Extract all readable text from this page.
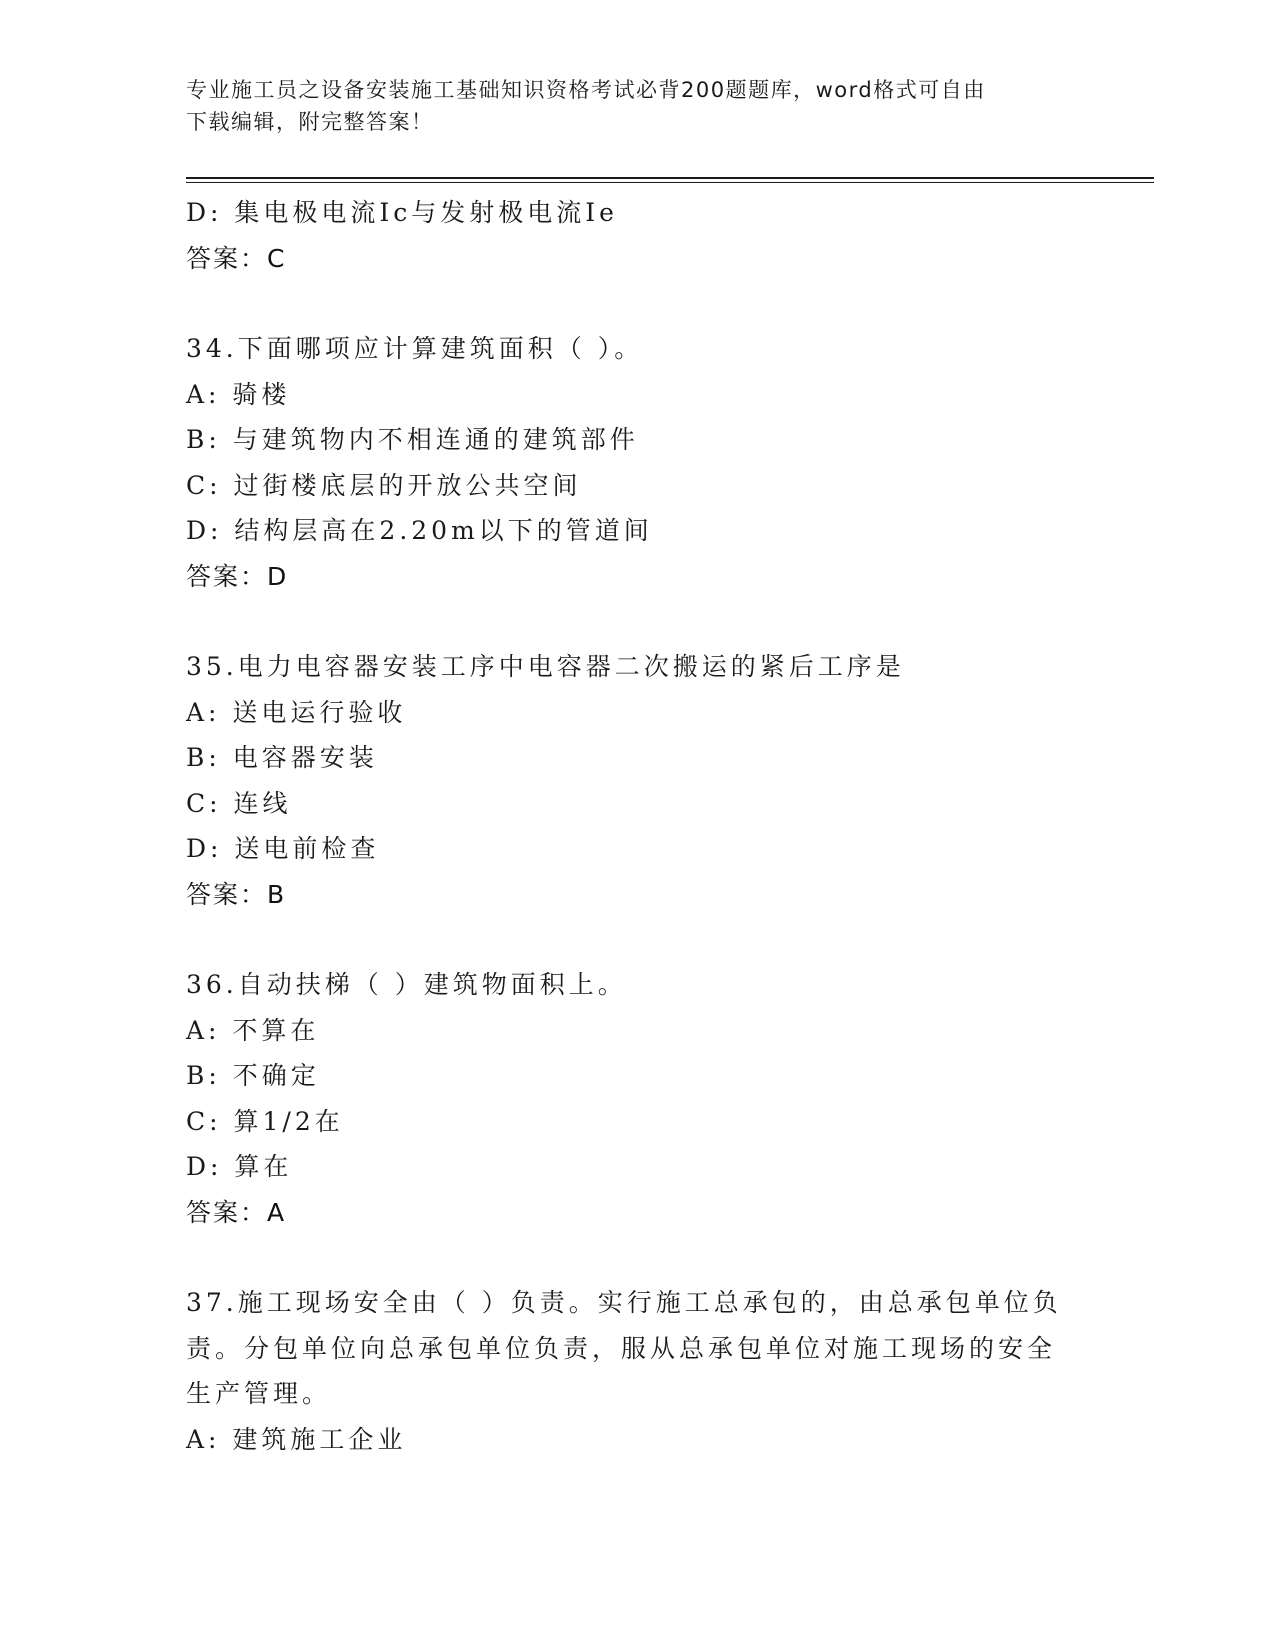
专业施工员之设备安装施工基础知识资格考试必背200题题库，word格式可自由
下载编辑，附完整答案！
D: 集电极电流Ic与发射极电流Ie
答案：C
34.下面哪项应计算建筑面积（ ）。
A: 骑楼
B: 与建筑物内不相连通的建筑部件
C: 过街楼底层的开放公共空间
D: 结构层高在2.20m以下的管道间
答案：D
35.电力电容器安装工序中电容器二次搬运的紧后工序是
A: 送电运行验收
B: 电容器安装
C: 连线
D: 送电前检查
答案：B
36.自动扶梯（ ）建筑物面积上。
A: 不算在
B: 不确定
C: 算1/2在
D: 算在
答案：A
37.施工现场安全由（ ）负责。实行施工总承包的，由总承包单位负
责。分包单位向总承包单位负责，服从总承包单位对施工现场的安全
生产管理。
A: 建筑施工企业
